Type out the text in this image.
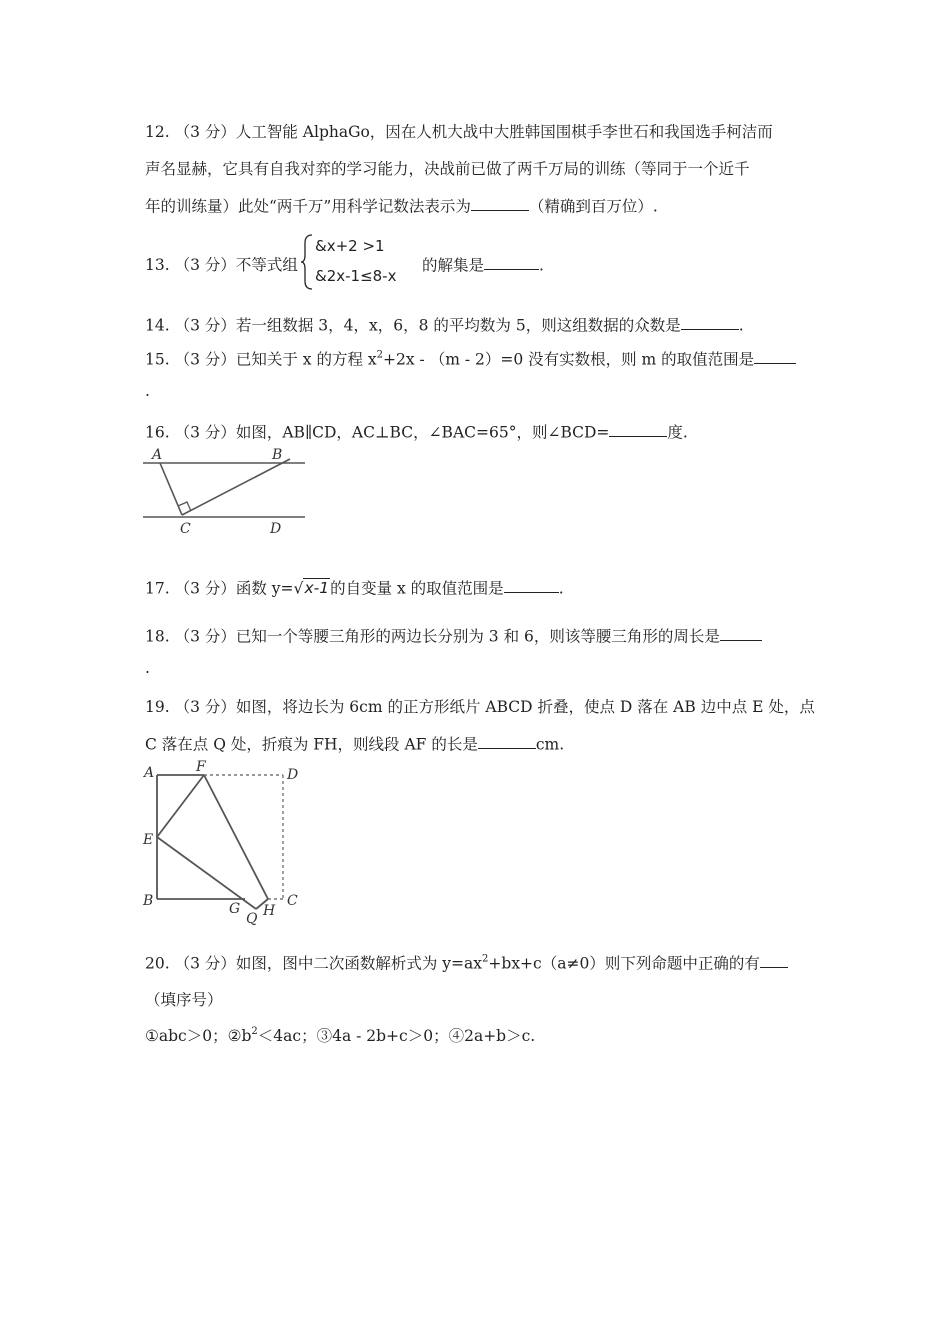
12. （3 分）人工智能 AlphaGo，因在人机大战中大胜韩国围棋手李世石和我国选手柯洁而
声名显赫，它具有自我对弈的学习能力，决战前已做了两千万局的训练（等同于一个近千
年的训练量）此处“两千万”用科学记数法表示为	（精确到百万位）.
13. （3 分）不等式组
&x+2 >1
&2x-1≤8-x
的解集是	.
14. （3 分）若一组数据 3，4，x，6，8 的平均数为 5，则这组数据的众数是	.
15. （3 分）已知关于 x 的方程 $x^2+2x - (m - 2)=0$ 没有实数根，则 m 的取值范围是
.
16. （3 分）如图，AB∥CD，AC⊥BC，∠BAC=65°，则∠BCD=	度.
A	B
C	D
17. （3 分）函数 y=√x-1的自变量 x 的取值范围是	.
18. （3 分）已知一个等腰三角形的两边长分别为 3 和 6，则该等腰三角形的周长是
.
19. （3 分）如图，将边长为 6cm 的正方形纸片 ABCD 折叠，使点 D 落在 AB 边中点 E 处，点
C 落在点 Q 处，折痕为 FH，则线段 AF 的长是	cm.
A	F	D
E
B	G
Q H
C
20. （3 分）如图，图中二次函数解析式为 $y=ax^2+bx+c(a\ne 0)$则下列命题中正确的有
（填序号）
①abc＞0；$②b^2<4ac$；③4a - 2b+c＞0；④2a+b＞c.
